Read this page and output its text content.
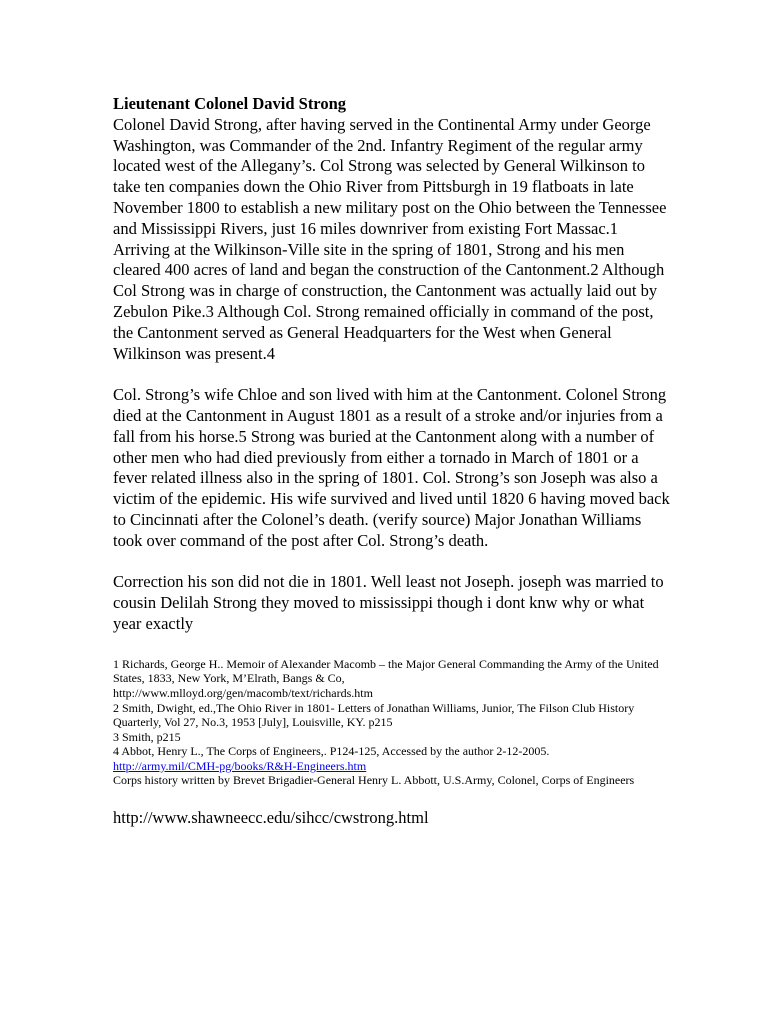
Lieutenant Colonel David Strong

Colonel David Strong, after having served in the Continental Army under George Washington, was Commander of the 2nd. Infantry Regiment of the regular army located west of the Allegany’s. Col Strong was selected by General Wilkinson to take ten companies down the Ohio River from Pittsburgh in 19 flatboats in late November 1800 to establish a new military post on the Ohio between the Tennessee and Mississippi Rivers, just 16 miles downriver from existing Fort Massac.1 Arriving at the Wilkinson-Ville site in the spring of 1801, Strong and his men cleared 400 acres of land and began the construction of the Cantonment.2 Although Col Strong was in charge of construction, the Cantonment was actually laid out by Zebulon Pike.3 Although Col. Strong remained officially in command of the post, the Cantonment served as General Headquarters for the West when General Wilkinson was present.4

Col. Strong’s wife Chloe and son lived with him at the Cantonment. Colonel Strong died at the Cantonment in August 1801 as a result of a stroke and/or injuries from a fall from his horse.5 Strong was buried at the Cantonment along with a number of other men who had died previously from either a tornado in March of 1801 or a fever related illness also in the spring of 1801. Col. Strong’s son Joseph was also a victim of the epidemic. His wife survived and lived until 1820 6 having moved back to Cincinnati after the Colonel’s death. (verify source) Major Jonathan Williams took over command of the post after Col. Strong’s death.

Correction his son did not die in 1801. Well least not Joseph. joseph was married to cousin Delilah Strong they moved to mississippi though i dont knw why or what year exactly

1 Richards, George H.. Memoir of Alexander Macomb – the Major General Commanding the Army of the United States, 1833, New York, M’Elrath, Bangs & Co,
http://www.mlloyd.org/gen/macomb/text/richards.htm
2 Smith, Dwight, ed.,The Ohio River in 1801- Letters of Jonathan Williams, Junior, The Filson Club History Quarterly, Vol 27, No.3, 1953 [July], Louisville, KY. p215
3 Smith, p215
4 Abbot, Henry L., The Corps of Engineers,. P124-125, Accessed by the author 2-12-2005.
http://army.mil/CMH-pg/books/R&H-Engineers.htm
Corps history written by Brevet Brigadier-General Henry L. Abbott, U.S.Army, Colonel, Corps of Engineers
http://www.shawneecc.edu/sihcc/cwstrong.html
